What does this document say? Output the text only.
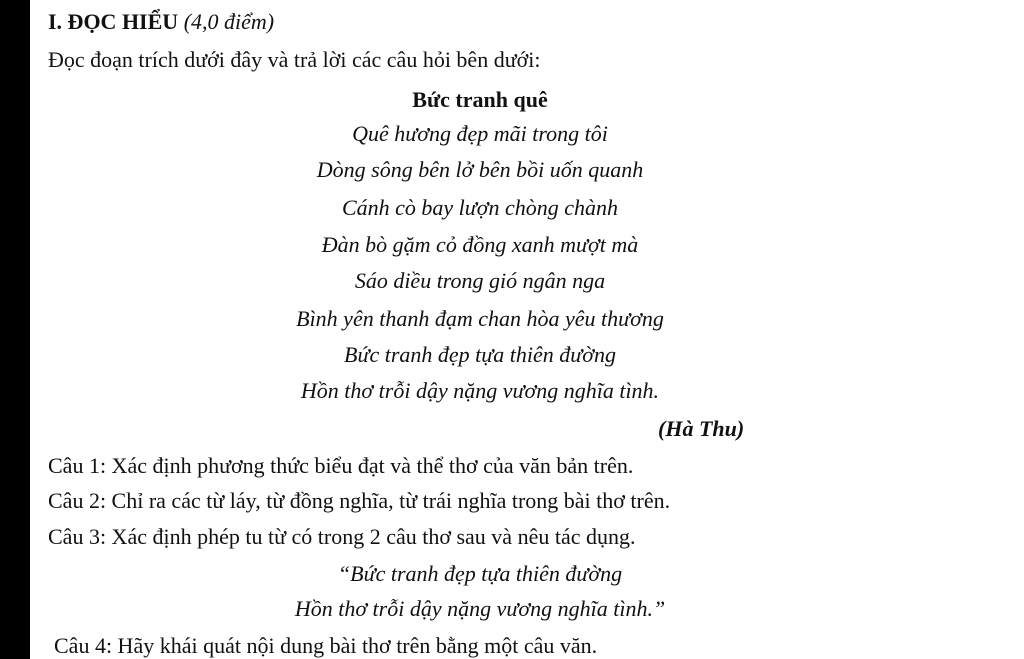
I. ĐỌC HIỂU (4,0 điểm)
Đọc đoạn trích dưới đây và trả lời các câu hỏi bên dưới:
Bức tranh quê
Quê hương đẹp mãi trong tôi
Dòng sông bên lở bên bồi uốn quanh
Cánh cò bay lượn chòng chành
Đàn bò gặm cỏ đồng xanh mượt mà
Sáo diều trong gió ngân nga
Bình yên thanh đạm chan hòa yêu thương
Bức tranh đẹp tựa thiên đường
Hồn thơ trỗi dậy nặng vương nghĩa tình.
(Hà Thu)
Câu 1: Xác định phương thức biểu đạt và thể thơ của văn bản trên.
Câu 2: Chỉ ra các từ láy, từ đồng nghĩa, từ trái nghĩa trong bài thơ trên.
Câu 3: Xác định phép tu từ có trong 2 câu thơ sau và nêu tác dụng.
“Bức tranh đẹp tựa thiên đường
Hồn thơ trỗi dậy nặng vương nghĩa tình.”
Câu 4: Hãy khái quát nội dung bài thơ trên bằng một câu văn.
